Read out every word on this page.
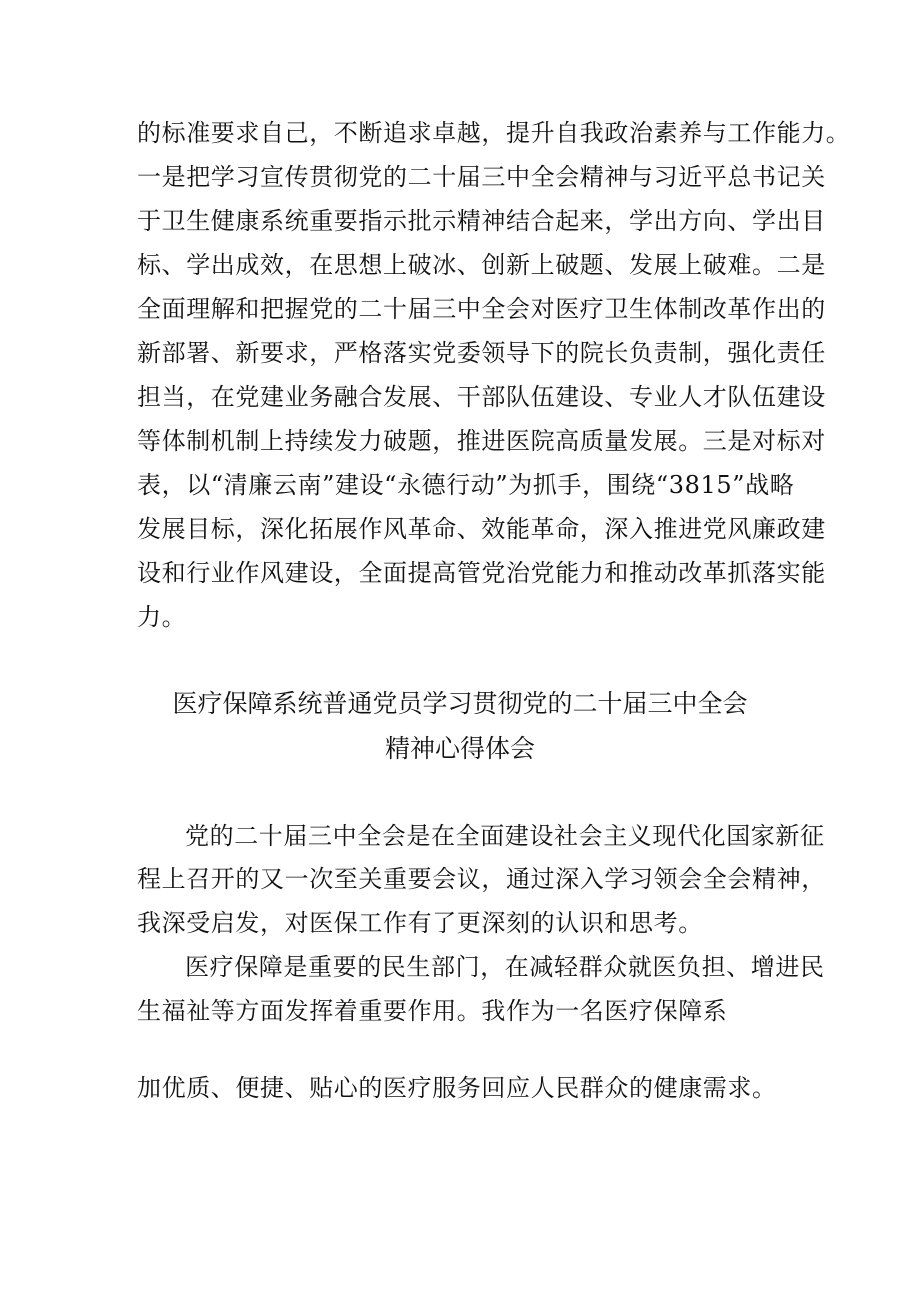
的标准要求自己，不断追求卓越，提升自我政治素养与工作能力。
一是把学习宣传贯彻党的二十届三中全会精神与习近平总书记关
于卫生健康系统重要指示批示精神结合起来，学出方向、学出目
标、学出成效，在思想上破冰、创新上破题、发展上破难。二是
全面理解和把握党的二十届三中全会对医疗卫生体制改革作出的
新部署、新要求，严格落实党委领导下的院长负责制，强化责任
担当，在党建业务融合发展、干部队伍建设、专业人才队伍建设
等体制机制上持续发力破题，推进医院高质量发展。三是对标对
表，以“清廉云南”建设“永德行动”为抓手，围绕“3815”战略
发展目标，深化拓展作风革命、效能革命，深入推进党风廉政建
设和行业作风建设，全面提高管党治党能力和推动改革抓落实能
力。
医疗保障系统普通党员学习贯彻党的二十届三中全会
精神心得体会
党的二十届三中全会是在全面建设社会主义现代化国家新征
程上召开的又一次至关重要会议，通过深入学习领会全会精神，
我深受启发，对医保工作有了更深刻的认识和思考。
医疗保障是重要的民生部门，在减轻群众就医负担、增进民
生福祉等方面发挥着重要作用。我作为一名医疗保障系
加优质、便捷、贴心的医疗服务回应人民群众的健康需求。
